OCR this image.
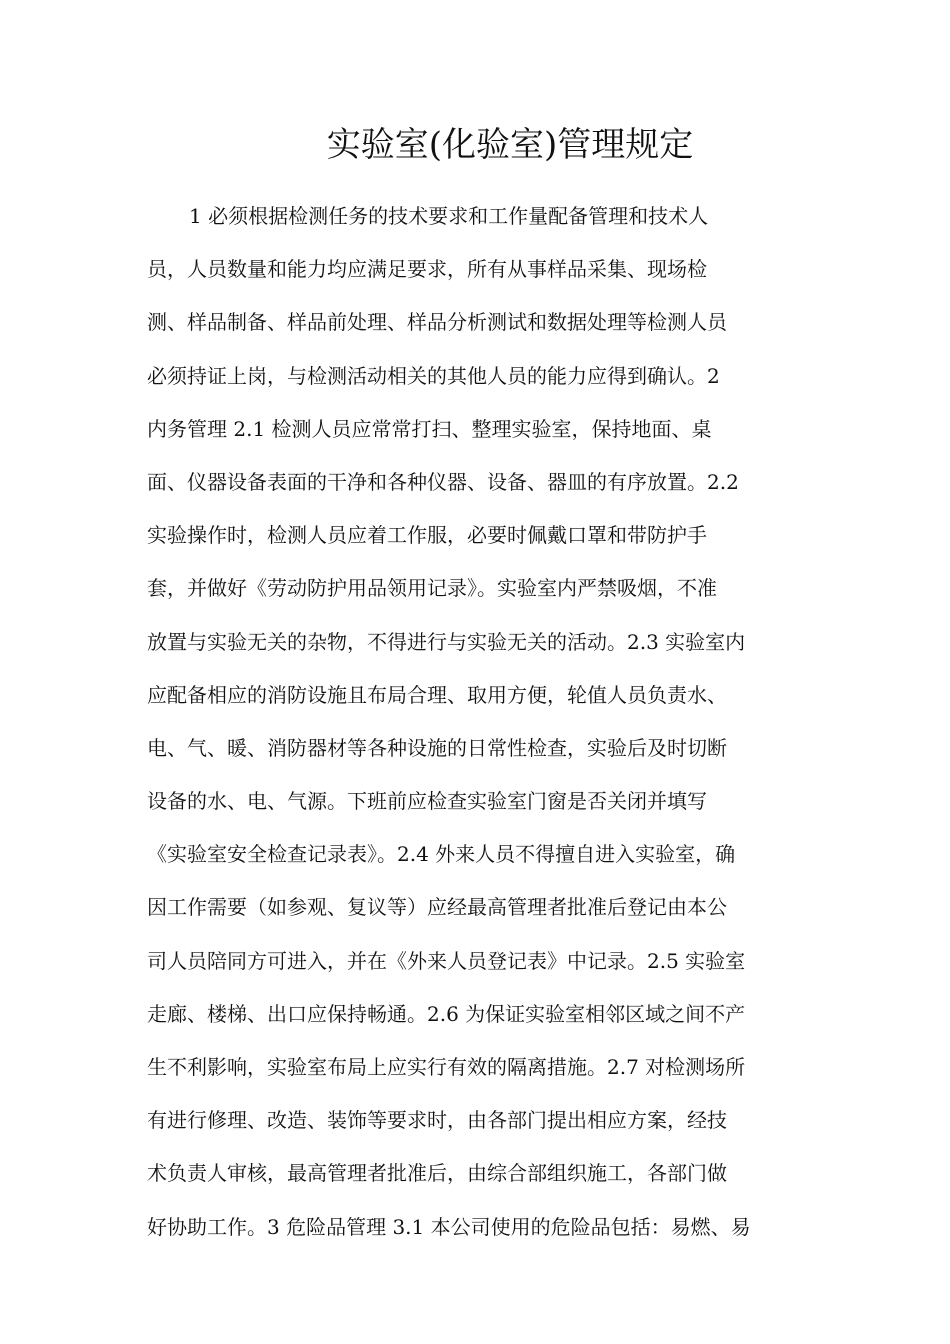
实验室(化验室)管理规定
1 必须根据检测任务的技术要求和工作量配备管理和技术人
员，人员数量和能力均应满足要求，所有从事样品采集、现场检
测、样品制备、样品前处理、样品分析测试和数据处理等检测人员
必须持证上岗，与检测活动相关的其他人员的能力应得到确认。2
内务管理 2.1 检测人员应常常打扫、整理实验室，保持地面、桌
面、仪器设备表面的干净和各种仪器、设备、器皿的有序放置。2.2
实验操作时，检测人员应着工作服，必要时佩戴口罩和带防护手
套，并做好《劳动防护用品领用记录》。实验室内严禁吸烟，不准
放置与实验无关的杂物，不得进行与实验无关的活动。2.3 实验室内
应配备相应的消防设施且布局合理、取用方便，轮值人员负责水、
电、气、暖、消防器材等各种设施的日常性检查，实验后及时切断
设备的水、电、气源。下班前应检查实验室门窗是否关闭并填写
《实验室安全检查记录表》。2.4 外来人员不得擅自进入实验室，确
因工作需要（如参观、复议等）应经最高管理者批准后登记由本公
司人员陪同方可进入，并在《外来人员登记表》中记录。2.5 实验室
走廊、楼梯、出口应保持畅通。2.6 为保证实验室相邻区域之间不产
生不利影响，实验室布局上应实行有效的隔离措施。2.7 对检测场所
有进行修理、改造、装饰等要求时，由各部门提出相应方案，经技
术负责人审核，最高管理者批准后，由综合部组织施工，各部门做
好协助工作。3 危险品管理 3.1 本公司使用的危险品包括：易燃、易
